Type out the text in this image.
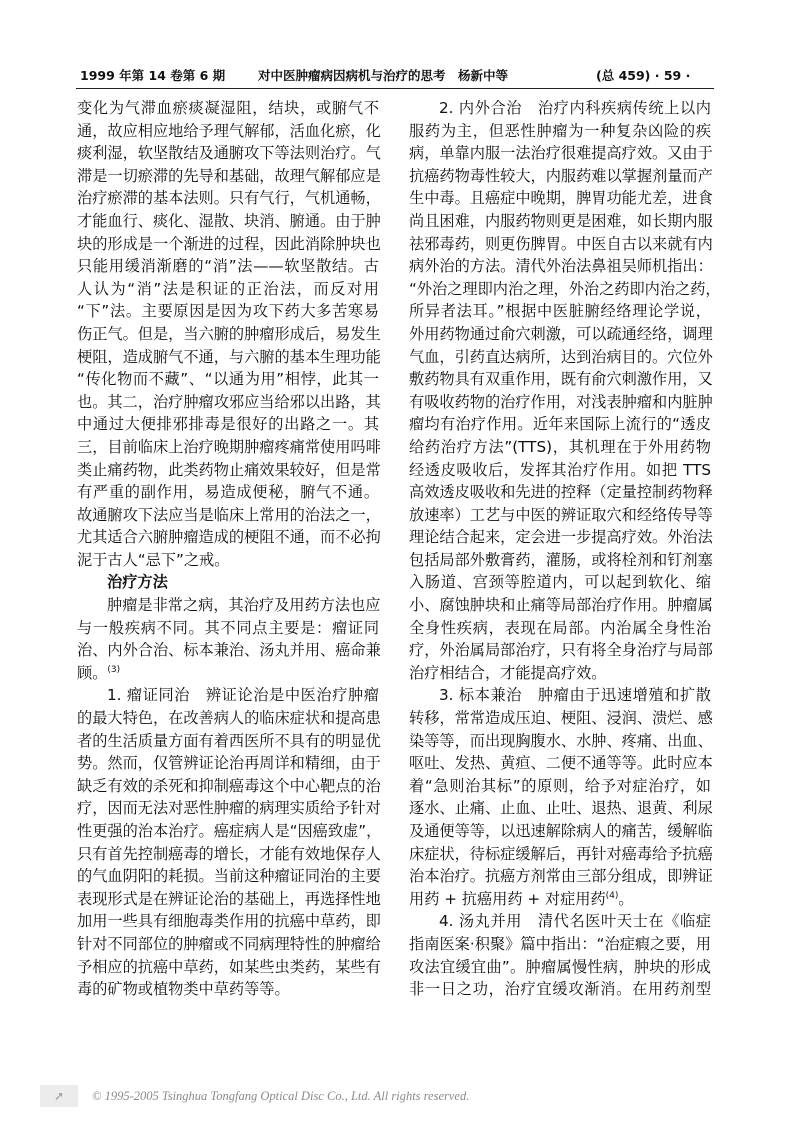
1999 年第 14 卷第 6 期	对中医肿瘤病因病机与治疗的思考　杨新中等	(总 459) · 59 ·
变化为气滞血瘀痰凝湿阻，结块，或腑气不
通，故应相应地给予理气解郁，活血化瘀，化
痰利湿，软坚散结及通腑攻下等法则治疗。气
滞是一切瘀滞的先导和基础，故理气解郁应是
治疗瘀滞的基本法则。只有气行，气机通畅，
才能血行、痰化、湿散、块消、腑通。由于肿
块的形成是一个渐进的过程，因此消除肿块也
只能用缓消渐磨的“消”法——软坚散结。古
人认为“消”法是积证的正治法，而反对用
“下”法。主要原因是因为攻下药大多苦寒易
伤正气。但是，当六腑的肿瘤形成后，易发生
梗阻，造成腑气不通，与六腑的基本生理功能
“传化物而不藏”、“以通为用”相悖，此其一
也。其二，治疗肿瘤攻邪应当给邪以出路，其
中通过大便排邪排毒是很好的出路之一。其
三，目前临床上治疗晚期肿瘤疼痛常使用吗啡
类止痛药物，此类药物止痛效果较好，但是常
有严重的副作用，易造成便秘，腑气不通。
故通腑攻下法应当是临床上常用的治法之一，
尤其适合六腑肿瘤造成的梗阻不通，而不必拘
泥于古人“忌下”之戒。
治疗方法
肿瘤是非常之病，其治疗及用药方法也应
与一般疾病不同。其不同点主要是：瘤证同
治、内外合治、标本兼治、汤丸并用、癌命兼
顾。$^{(3)}$
1. 瘤证同治　辨证论治是中医治疗肿瘤
的最大特色，在改善病人的临床症状和提高患
者的生活质量方面有着西医所不具有的明显优
势。然而，仅管辨证论治再周详和精细，由于
缺乏有效的杀死和抑制癌毒这个中心靶点的治
疗，因而无法对恶性肿瘤的病理实质给予针对
性更强的治本治疗。癌症病人是“因癌致虚”，
只有首先控制癌毒的增长，才能有效地保存人
的气血阴阳的耗损。当前这种瘤证同治的主要
表现形式是在辨证论治的基础上，再选择性地
加用一些具有细胞毒类作用的抗癌中草药，即
针对不同部位的肿瘤或不同病理特性的肿瘤给
予相应的抗癌中草药，如某些虫类药，某些有
毒的矿物或植物类中草药等等。
2. 内外合治　治疗内科疾病传统上以内
服药为主，但恶性肿瘤为一种复杂凶险的疾
病，单靠内服一法治疗很难提高疗效。又由于
抗癌药物毒性较大，内服药难以掌握剂量而产
生中毒。且癌症中晚期，脾胃功能尤差，进食
尚且困难，内服药物则更是困难，如长期内服
祛邪毒药，则更伤脾胃。中医自古以来就有内
病外治的方法。清代外治法鼻祖吴师机指出：
“外治之理即内治之理，外治之药即内治之药，
所异者法耳。”根据中医脏腑经络理论学说，
外用药物通过俞穴刺激，可以疏通经络，调理
气血，引药直达病所，达到治病目的。穴位外
敷药物具有双重作用，既有俞穴刺激作用，又
有吸收药物的治疗作用，对浅表肿瘤和内脏肿
瘤均有治疗作用。近年来国际上流行的“透皮
给药治疗方法”(TTS)，其机理在于外用药物
经透皮吸收后，发挥其治疗作用。如把 TTS
高效透皮吸收和先进的控释（定量控制药物释
放速率）工艺与中医的辨证取穴和经络传导等
理论结合起来，定会进一步提高疗效。外治法
包括局部外敷膏药，灌肠，或将栓剂和钉剂塞
入肠道、宫颈等腔道内，可以起到软化、缩
小、腐蚀肿块和止痛等局部治疗作用。肿瘤属
全身性疾病，表现在局部。内治属全身性治
疗，外治属局部治疗，只有将全身治疗与局部
治疗相结合，才能提高疗效。
3. 标本兼治　肿瘤由于迅速增殖和扩散
转移，常常造成压迫、梗阻、浸润、溃烂、感
染等等，而出现胸腹水、水肿、疼痛、出血、
呕吐、发热、黄疸、二便不通等等。此时应本
着“急则治其标”的原则，给予对症治疗，如
逐水、止痛、止血、止吐、退热、退黄、利尿
及通便等等，以迅速解除病人的痛苦，缓解临
床症状，待标症缓解后，再针对癌毒给予抗癌
治本治疗。抗癌方剂常由三部分组成，即辨证
用药 + 抗癌用药 + 对症用药$^{(4)}$。
4. 汤丸并用　清代名医叶天士在《临症
指南医案·积聚》篇中指出：“治症瘕之要，用
攻法宜缓宜曲”。肿瘤属慢性病，肿块的形成
非一日之功，治疗宜缓攻渐消。在用药剂型
➚	© 1995-2005 Tsinghua Tongfang Optical Disc Co., Ltd. All rights reserved.
